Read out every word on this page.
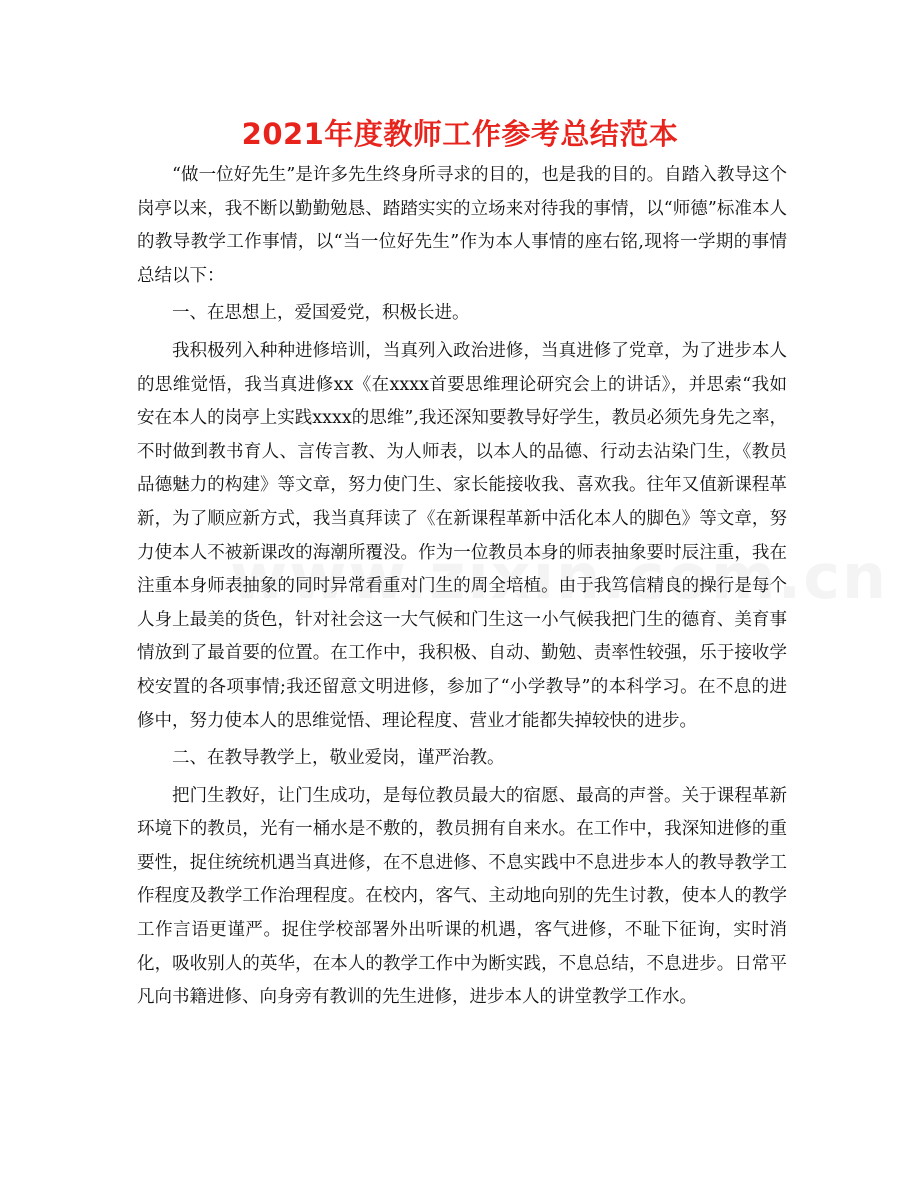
2021年度教师工作参考总结范本

“做一位好先生”是许多先生终身所寻求的目的，也是我的目的。自踏入教导这个岗亭以来，我不断以勤勤勉恳、踏踏实实的立场来对待我的事情，以“师德”标准本人的教导教学工作事情，以“当一位好先生”作为本人事情的座右铭,现将一学期的事情总结以下：

一、在思想上，爱国爱党，积极长进。

我积极列入种种进修培训，当真列入政治进修，当真进修了党章，为了进步本人的思维觉悟，我当真进修xx《在xxxx首要思维理论研究会上的讲话》，并思索“我如安在本人的岗亭上实践xxxx的思维”,我还深知要教导好学生，教员必须先身先之率，不时做到教书育人、言传言教、为人师表，以本人的品德、行动去沾染门生，《教员品德魅力的构建》等文章，努力使门生、家长能接收我、喜欢我。往年又值新课程革新，为了顺应新方式，我当真拜读了《在新课程革新中活化本人的脚色》等文章，努力使本人不被新课改的海潮所覆没。作为一位教员本身的师表抽象要时辰注重，我在注重本身师表抽象的同时异常看重对门生的周全培植。由于我笃信精良的操行是每个人身上最美的货色，针对社会这一大气候和门生这一小气候我把门生的德育、美育事情放到了最首要的位置。在工作中，我积极、自动、勤勉、责率性较强，乐于接收学校安置的各项事情;我还留意文明进修，参加了“小学教导”的本科学习。在不息的进修中，努力使本人的思维觉悟、理论程度、营业才能都失掉较快的进步。

二、在教导教学上，敬业爱岗，谨严治教。

把门生教好，让门生成功，是每位教员最大的宿愿、最高的声誉。关于课程革新环境下的教员，光有一桶水是不敷的，教员拥有自来水。在工作中，我深知进修的重要性，捉住统统机遇当真进修，在不息进修、不息实践中不息进步本人的教导教学工作程度及教学工作治理程度。在校内，客气、主动地向别的先生讨教，使本人的教学工作言语更谨严。捉住学校部署外出听课的机遇，客气进修，不耻下征询，实时消化，吸收别人的英华，在本人的教学工作中为断实践，不息总结，不息进步。日常平凡向书籍进修、向身旁有教训的先生进修，进步本人的讲堂教学工作水。
